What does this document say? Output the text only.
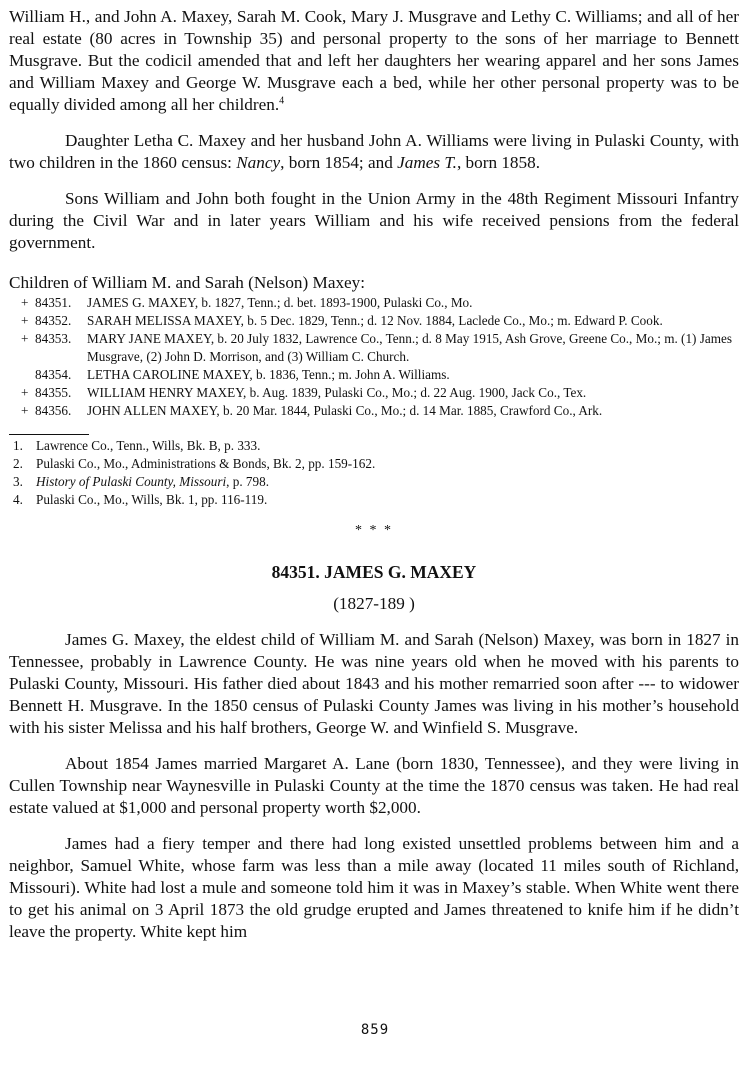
William H., and John A. Maxey, Sarah M. Cook, Mary J. Musgrave and Lethy C. Williams; and all of her real estate (80 acres in Township 35) and personal property to the sons of her marriage to Bennett Musgrave. But the codicil amended that and left her daughters her wearing apparel and her sons James and William Maxey and George W. Musgrave each a bed, while her other personal property was to be equally divided among all her children.$^4$

Daughter Letha C. Maxey and her husband John A. Williams were living in Pulaski County, with two children in the 1860 census: Nancy, born 1854; and James T., born 1858.

Sons William and John both fought in the Union Army in the 48th Regiment Missouri Infantry during the Civil War and in later years William and his wife received pensions from the federal government.

Children of William M. and Sarah (Nelson) Maxey:

+ 84351. JAMES G. MAXEY, b. 1827, Tenn.; d. bet. 1893-1900, Pulaski Co., Mo.
+ 84352. SARAH MELISSA MAXEY, b. 5 Dec. 1829, Tenn.; d. 12 Nov. 1884, Laclede Co., Mo.; m. Edward P. Cook.
+ 84353. MARY JANE MAXEY, b. 20 July 1832, Lawrence Co., Tenn.; d. 8 May 1915, Ash Grove, Greene Co., Mo.; m. (1) James Musgrave, (2) John D. Morrison, and (3) William C. Church.
84354. LETHA CAROLINE MAXEY, b. 1836, Tenn.; m. John A. Williams.
+ 84355. WILLIAM HENRY MAXEY, b. Aug. 1839, Pulaski Co., Mo.; d. 22 Aug. 1900, Jack Co., Tex.
+ 84356. JOHN ALLEN MAXEY, b. 20 Mar. 1844, Pulaski Co., Mo.; d. 14 Mar. 1885, Crawford Co., Ark.
1. Lawrence Co., Tenn., Wills, Bk. B, p. 333.
2. Pulaski Co., Mo., Administrations & Bonds, Bk. 2, pp. 159-162.
3. History of Pulaski County, Missouri, p. 798.
4. Pulaski Co., Mo., Wills, Bk. 1, pp. 116-119.
* * *
84351. JAMES G. MAXEY
(1827-189 )

James G. Maxey, the eldest child of William M. and Sarah (Nelson) Maxey, was born in 1827 in Tennessee, probably in Lawrence County. He was nine years old when he moved with his parents to Pulaski County, Missouri. His father died about 1843 and his mother remarried soon after --- to widower Bennett H. Musgrave. In the 1850 census of Pulaski County James was living in his mother’s household with his sister Melissa and his half brothers, George W. and Winfield S. Musgrave.

About 1854 James married Margaret A. Lane (born 1830, Tennessee), and they were living in Cullen Township near Waynesville in Pulaski County at the time the 1870 census was taken. He had real estate valued at $1,000 and personal property worth $2,000.

James had a fiery temper and there had long existed unsettled problems between him and a neighbor, Samuel White, whose farm was less than a mile away (located 11 miles south of Richland, Missouri). White had lost a mule and someone told him it was in Maxey’s stable. When White went there to get his animal on 3 April 1873 the old grudge erupted and James threatened to knife him if he didn’t leave the property. White kept him

859
